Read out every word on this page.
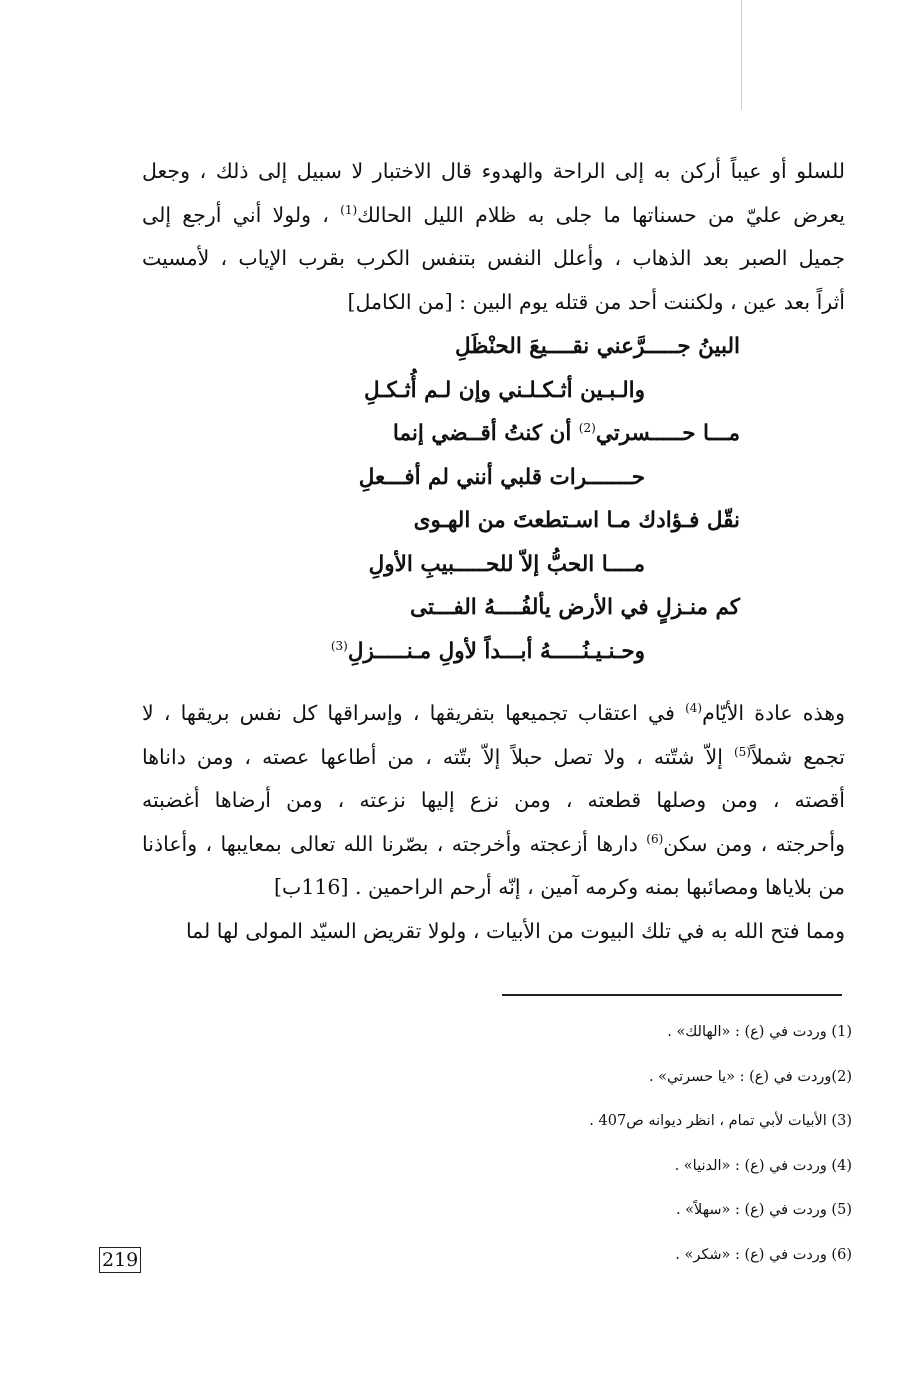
للسلو أو عيباً أركن به إلى الراحة والهدوء قال الاختبار لا سبيل إلى ذلك ، وجعل

يعرض عليّ من حسناتها ما جلى به ظلام الليل الحالك$^{(1)}$ ، ولولا أني أرجع إلى

جميل الصبر بعد الذهاب ، وأعلل النفس بتنفس الكرب بقرب الإياب ، لأمسيت

أثراً بعد عين ، ولكننت أحد من قتله يوم البين : [من الكامل]

البينُ جـــــرَّعني نقــــيعَ الحنْظَلِ
والـبـين أثـكـلـني وإن لـم أُثـكـلِ
مـــا حـــــسرتي$^{(2)}$ أن كنتُ أقــضي إنما
حـــــــرات قلبي أنني لم أفـــعلِ
نقّل فـؤادك مـا اسـتطعتَ من الهـوى
مــــا الحبُّ إلاّ للحـــــبيبِ الأولِ
كم منـزلٍ في الأرض يألفُــــهُ الفـــتى
وحـنـيـنُـــــهُ أبـــداً لأولِ مـنـــــزلِ$^{(3)}$

وهذه عادة الأيّام$^{(4)}$ في اعتقاب تجميعها بتفريقها ، وإسراقها كل نفس بريقها ، لا

تجمع شملاً$^{(5)}$ إلاّ شتّته ، ولا تصل حبلاً إلاّ بتّته ، من أطاعها عصته ، ومن داناها

أقصته ، ومن وصلها قطعته ، ومن نزع إليها نزعته ، ومن أرضاها أغضبته

وأحرجته ، ومن سكن$^{(6)}$ دارها أزعجته وأخرجته ، بصّرنا الله تعالى بمعايبها ، وأعاذنا

من بلاياها ومصائبها بمنه وكرمه آمين ، إنّه أرحم الراحمين . [116ب]

ومما فتح الله به في تلك البيوت من الأبيات ، ولولا تقريض السيّد المولى لها لما

(1) وردت في (ع) : «الهالك» .
(2)وردت في (ع) : «يا حسرتي» .
(3) الأبيات لأبي تمام ، انظر ديوانه ص407 .
(4) وردت في (ع) : «الدنيا» .
(5) وردت في (ع) : «سهلاً» .
(6) وردت في (ع) : «شكر» .
219
